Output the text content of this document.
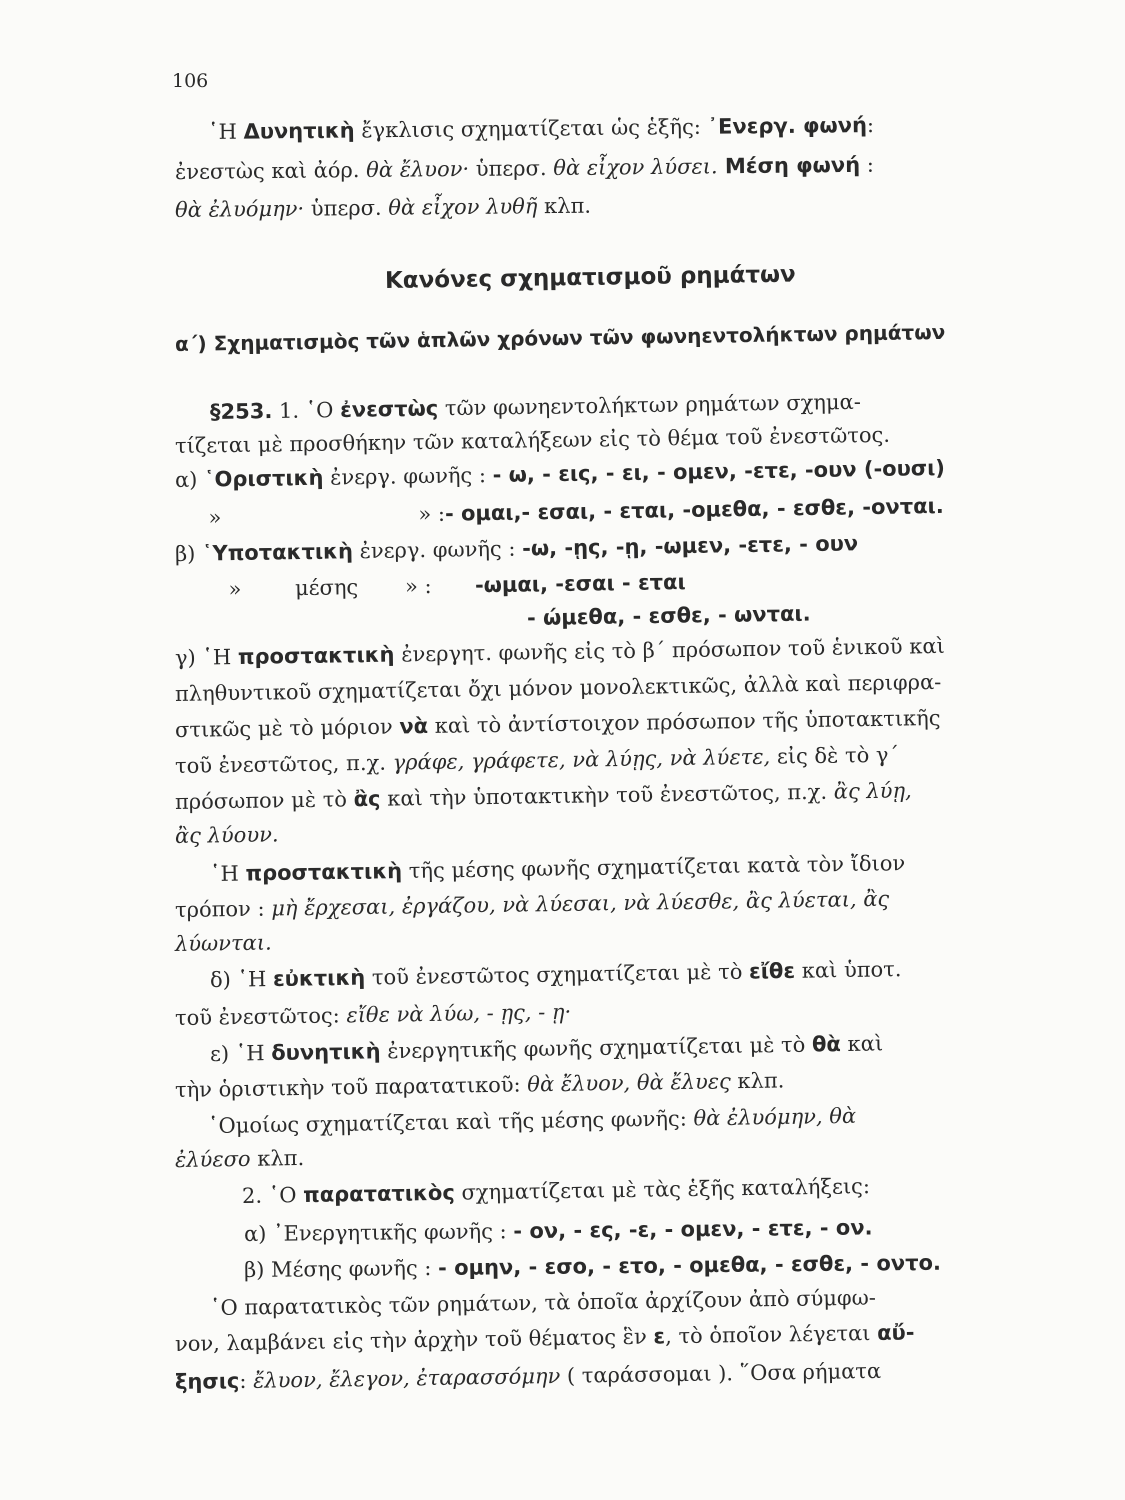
106
῾Η Δυνητικὴ ἔγκλισις σχηματίζεται ὡς ἑξῆς: ᾿Ενεργ. φωνή:
ἐνεστὼς καὶ ἀόρ. θὰ ἔλυον· ὑπερσ. θὰ εἶχον λύσει. Μέση φωνή :
θὰ ἐλυόμην· ὑπερσ. θὰ εἶχον λυθῆ κλπ.
Κανόνες σχηματισμοῦ ρημάτων
α΄) Σχηματισμὸς τῶν ἁπλῶν χρόνων τῶν φωνηεντολήκτων ρημάτων
§253. 1. ῾Ο ἐνεστὼς τῶν φωνηεντολήκτων ρημάτων σχημα-
τίζεται μὲ προσθήκην τῶν καταλήξεων εἰς τὸ θέμα τοῦ ἐνεστῶτος.
α) ῾Οριστικὴ ἐνεργ. φωνῆς : - ω, - εις, - ει, - ομεν, -ετε, -ουν (-ουσι)
»	» :- ομαι,- εσαι, - εται, -ομεθα, - εσθε, -ονται.
β) ῾Υποτακτικὴ ἐνεργ. φωνῆς : -ω, -ῃς, -ῃ, -ωμεν, -ετε, - ουν
»	μέσης » : -ωμαι, -εσαι - εται
- ώμεθα, - εσθε, - ωνται.
γ) ῾Η προστακτικὴ ἐνεργητ. φωνῆς εἰς τὸ β΄ πρόσωπον τοῦ ἑνικοῦ καὶ
πληθυντικοῦ σχηματίζεται ὄχι μόνον μονολεκτικῶς, ἀλλὰ καὶ περιφρα-
στικῶς μὲ τὸ μόριον νὰ καὶ τὸ ἀντίστοιχον πρόσωπον τῆς ὑποτακτικῆς
τοῦ ἐνεστῶτος, π.χ. γράφε, γράφετε, νὰ λύῃς, νὰ λύετε, εἰς δὲ τὸ γ΄
πρόσωπον μὲ τὸ ἂς καὶ τὴν ὑποτακτικὴν τοῦ ἐνεστῶτος, π.χ. ἂς λύῃ,
ἂς λύουν.
῾Η προστακτικὴ τῆς μέσης φωνῆς σχηματίζεται κατὰ τὸν ἴδιον
τρόπον : μὴ ἔρχεσαι, ἐργάζου, νὰ λύεσαι, νὰ λύεσθε, ἂς λύεται, ἂς
λύωνται.
δ) ῾Η εὐκτικὴ τοῦ ἐνεστῶτος σχηματίζεται μὲ τὸ εἴθε καὶ ὑποτ.
τοῦ ἐνεστῶτος: εἴθε νὰ λύω, - ῃς, - ῃ·
ε) ῾Η δυνητικὴ ἐνεργητικῆς φωνῆς σχηματίζεται μὲ τὸ θὰ καὶ
τὴν ὁριστικὴν τοῦ παρατατικοῦ: θὰ ἔλυον, θὰ ἔλυες κλπ.
῾Ομοίως σχηματίζεται καὶ τῆς μέσης φωνῆς: θὰ ἐλυόμην, θὰ
ἐλύεσο κλπ.
2. ῾Ο παρατατικὸς σχηματίζεται μὲ τὰς ἑξῆς καταλήξεις:
α) ᾿Ενεργητικῆς φωνῆς : - ον, - ες, -ε, - ομεν, - ετε, - ον.
β) Μέσης φωνῆς : - ομην, - εσο, - ετο, - ομεθα, - εσθε, - οντο.
῾Ο παρατατικὸς τῶν ρημάτων, τὰ ὁποῖα ἀρχίζουν ἀπὸ σύμφω-
νον, λαμβάνει εἰς τὴν ἀρχὴν τοῦ θέματος ἓν ε, τὸ ὁποῖον λέγεται αὔ-
ξησις: ἔλυον, ἔλεγον, ἐταρασσόμην ( ταράσσομαι ). ῞Οσα ρήματα
